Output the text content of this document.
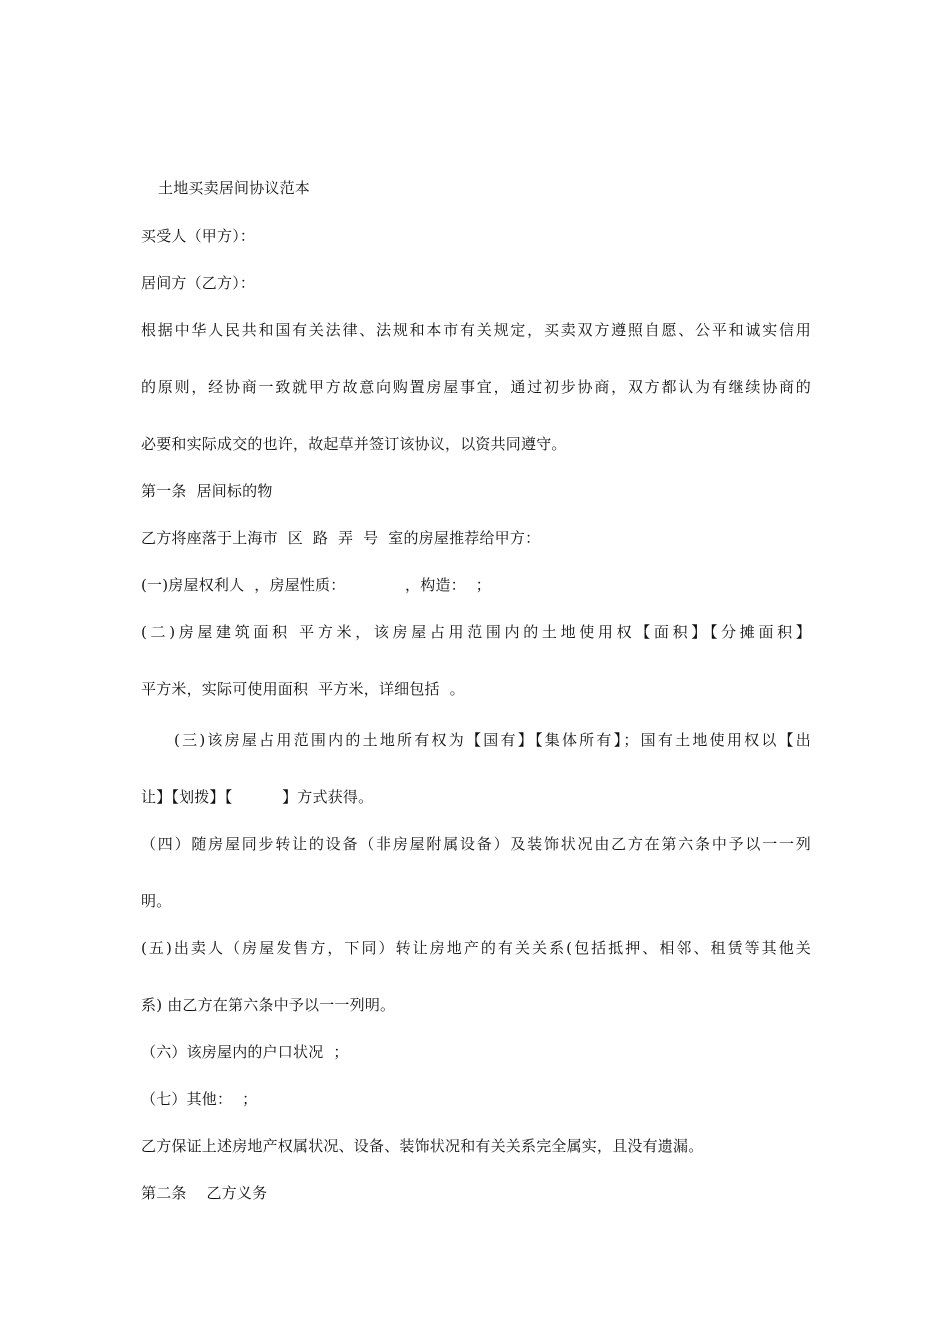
土地买卖居间协议范本
买受人（甲方）：
居间方（乙方）：
根据中华人民共和国有关法律、法规和本市有关规定，买卖双方遵照自愿、公平和诚实信用
的原则，经协商一致就甲方故意向购置房屋事宜，通过初步协商，双方都认为有继续协商的
必要和实际成交的也许，故起草并签订该协议，以资共同遵守。
第一条  居间标的物
乙方将座落于上海市  区  路  弄  号  室的房屋推荐给甲方：
(一)房屋权利人  ，房屋性质：            ，构造：  ；
(二)房屋建筑面积 平方米，该房屋占用范围内的土地使用权【面积】【分摊面积】
平方米，实际可使用面积  平方米，详细包括  。
(三)该房屋占用范围内的土地所有权为【国有】【集体所有】；国有土地使用权以【出
让】【划拨】【          】方式获得。
（四）随房屋同步转让的设备（非房屋附属设备）及装饰状况由乙方在第六条中予以一一列
明。
(五)出卖人（房屋发售方，下同）转让房地产的有关关系(包括抵押、相邻、租赁等其他关
系) 由乙方在第六条中予以一一列明。
（六）该房屋内的户口状况  ；
（七）其他：  ；
乙方保证上述房地产权属状况、设备、装饰状况和有关关系完全属实，且没有遗漏。
第二条    乙方义务
